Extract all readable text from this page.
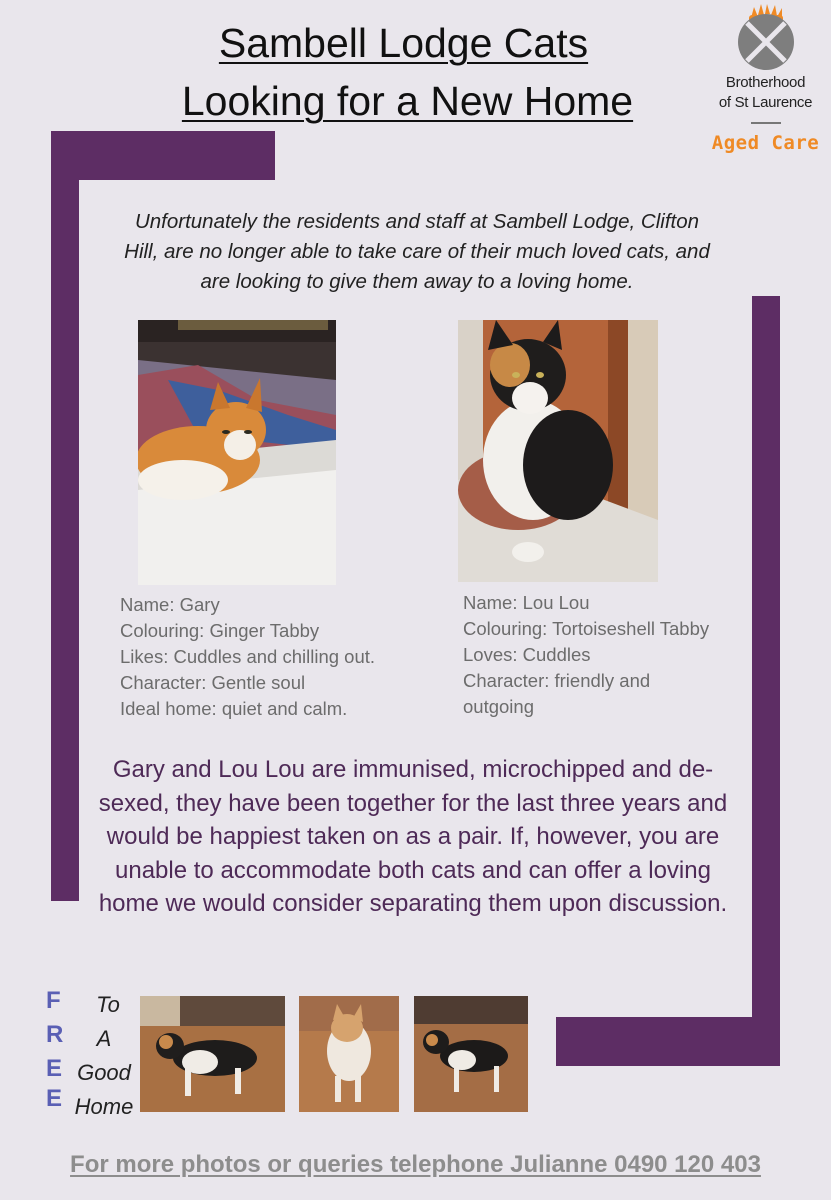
Sambell Lodge Cats
Looking for a New Home	Brotherhood
of St Laurence
Aged Care
Unfortunately the residents and staff at Sambell Lodge, Clifton Hill, are no longer able to take care of their much loved cats, and are looking to give them away to a loving home.
Name: Gary
Colouring: Ginger Tabby
Likes: Cuddles and chilling out.
Character: Gentle soul
Ideal home: quiet and calm.
Name: Lou Lou
Colouring: Tortoiseshell Tabby
Loves: Cuddles
Character: friendly and
outgoing
Gary and Lou Lou are immunised, microchipped and de-sexed, they have been together for the last three years and would be happiest taken on as a pair. If, however, you are unable to accommodate both cats and can offer a loving home we would consider separating them upon discussion.
F
R
E
E
To
A
Good
Home
For more photos or queries telephone Julianne 0490 120 403
